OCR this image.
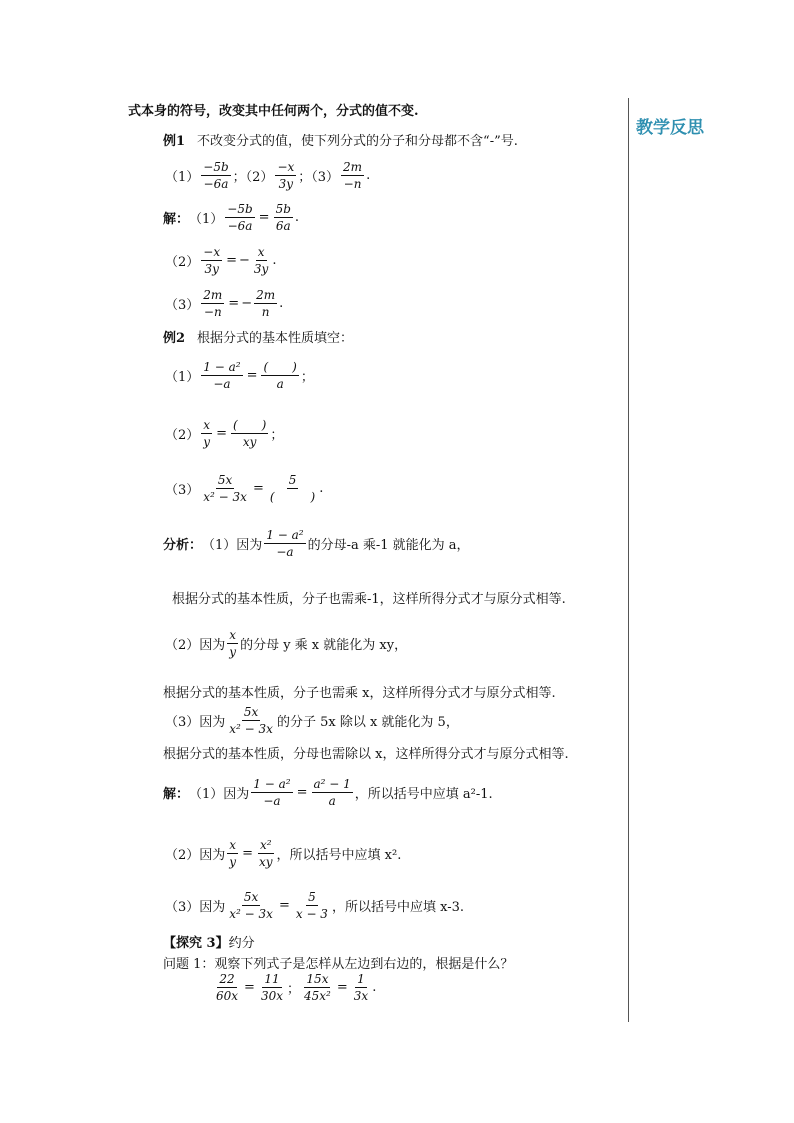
教学反思
式本身的符号，改变其中任何两个，分式的值不变.
例1 不改变分式的值，使下列分式的分子和分母都不含“-”号.
$(1) \frac{-5b}{-6a}$ ；$(2) \frac{-x}{3y}$ ；$(3) \frac{2m}{-n}$ .
解： $(1) \frac{-5b}{-6a} = \frac{5b}{6a}$ .
$(2) \frac{-x}{3y}$ = − $\frac{x}{3y}$ .
$(3) \frac{2m}{-n}$ = − $\frac{2m}{n}$ .
例2 根据分式的基本性质填空：
$(1) \frac{\text{1 − a²}}{-a} = \frac{( )}{a}$ ；
$(2) \frac{x}{y} = \frac{( )}{xy}$ ；
$(3) \frac{5x}{\text{x² − 3x}} = \frac{5}{( )}$ .
分析： （1）因为 $\frac{\text{1 − a²}}{-a}$ 的分母-a 乘-1 就能化为 a，
根据分式的基本性质，分子也需乘-1，这样所得分式才与原分式相等.
（2）因为 $\frac{x}{y}$ 的分母 y 乘 x 就能化为 xy，
根据分式的基本性质，分子也需乘 x，这样所得分式才与原分式相等.
（3）因为 $\frac{5x}{\text{x² − 3x}}$ 的分子 5x 除以 x 就能化为 5，
根据分式的基本性质，分母也需除以 x，这样所得分式才与原分式相等.
解： （1）因为 $\frac{\text{1 − a²}}{-a} = \frac{\text{a² − 1}}{a}$ ，所以括号中应填 a²-1.
（2）因为 $\frac{x}{y} = \frac{\text{x²}}{xy}$ ，所以括号中应填 x².
（3）因为 $\frac{5x}{\text{x² − 3x}} = \frac{5}{x - 3}$ ，所以括号中应填 x-3.
【探究 3】 约分
问题 1：观察下列式子是怎样从左边到右边的，根据是什么？
$\frac{22}{60x} = \frac{11}{30x}$ ； $\frac{15x}{\text{45x²}} = \frac{1}{3x}$ .
